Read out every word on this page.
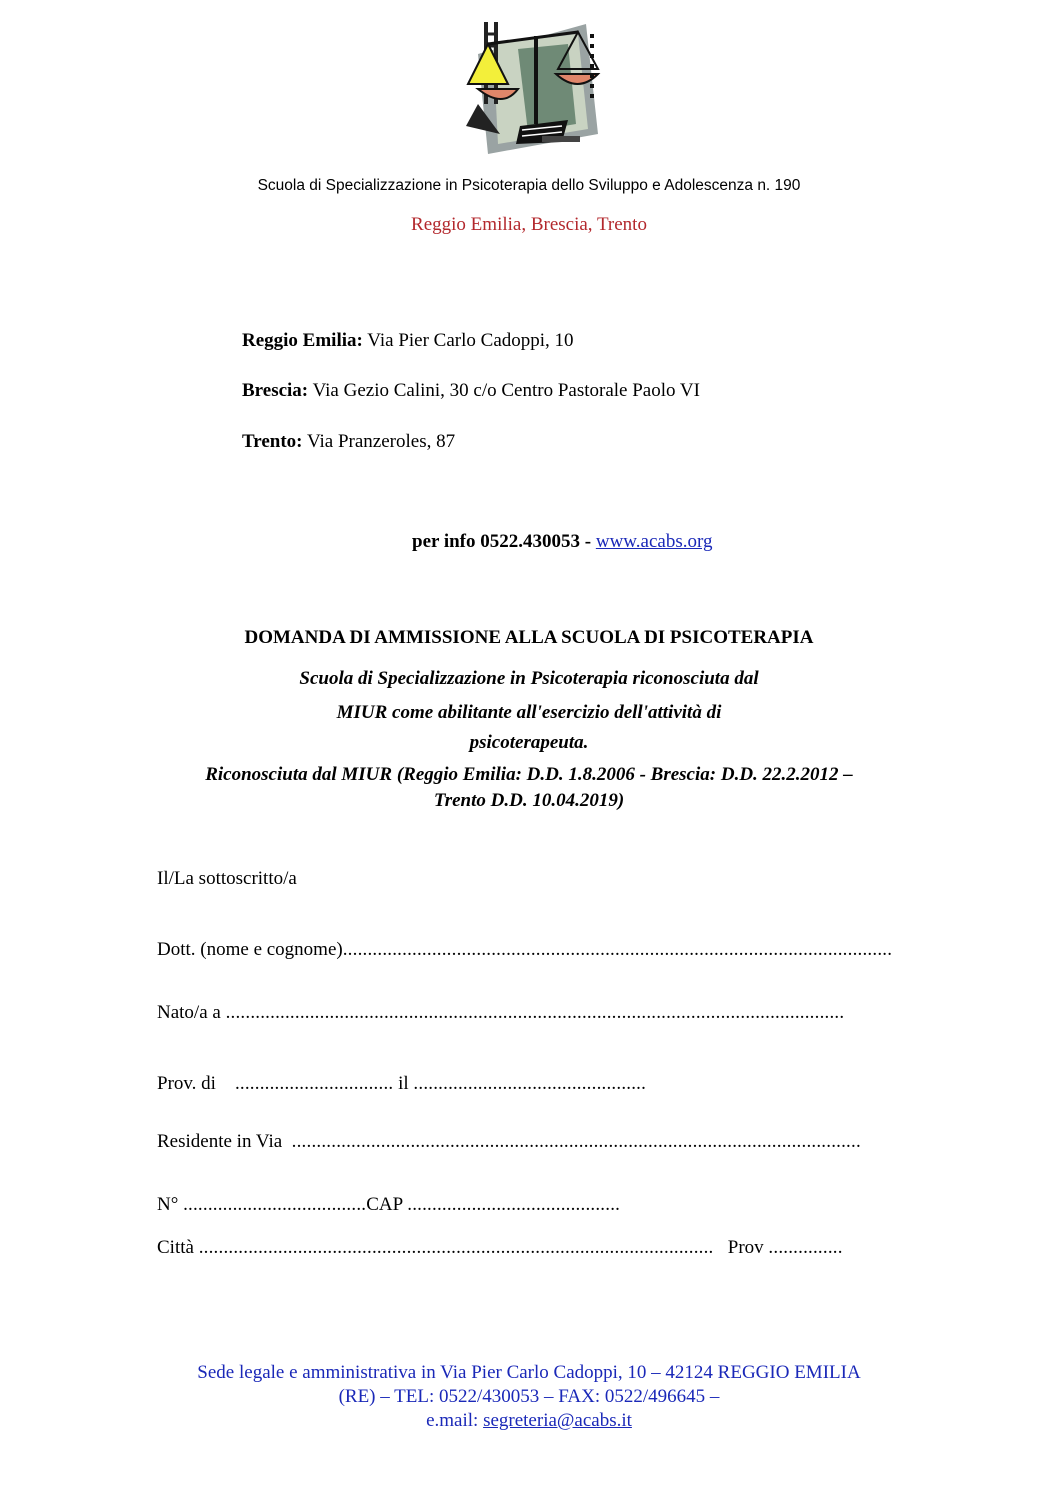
Scuola di Specializzazione in Psicoterapia dello Sviluppo e Adolescenza n. 190
Reggio Emilia, Brescia, Trento
Reggio Emilia: Via Pier Carlo Cadoppi, 10
Brescia: Via Gezio Calini, 30 c/o Centro Pastorale Paolo VI
Trento: Via Pranzeroles, 87
per info 0522.430053 - www.acabs.org
DOMANDA DI AMMISSIONE ALLA SCUOLA DI PSICOTERAPIA
Scuola di Specializzazione in Psicoterapia riconosciuta dal
MIUR come abilitante all'esercizio dell'attività di
psicoterapeuta.
Riconosciuta dal MIUR (Reggio Emilia: D.D. 1.8.2006 - Brescia: D.D. 22.2.2012 –
Trento D.D. 10.04.2019)
Il/La sottoscritto/a
Dott. (nome e cognome)...............................................................................................................
Nato/a a .............................................................................................................................
Prov. di ................................ il ...............................................
Residente in Via ...................................................................................................................
N° .....................................CAP ...........................................
Città ........................................................................................................ Prov ...............
Sede legale e amministrativa in Via Pier Carlo Cadoppi, 10 – 42124 REGGIO EMILIA
(RE) – TEL: 0522/430053 – FAX: 0522/496645 –
e.mail: segreteria@acabs.it
